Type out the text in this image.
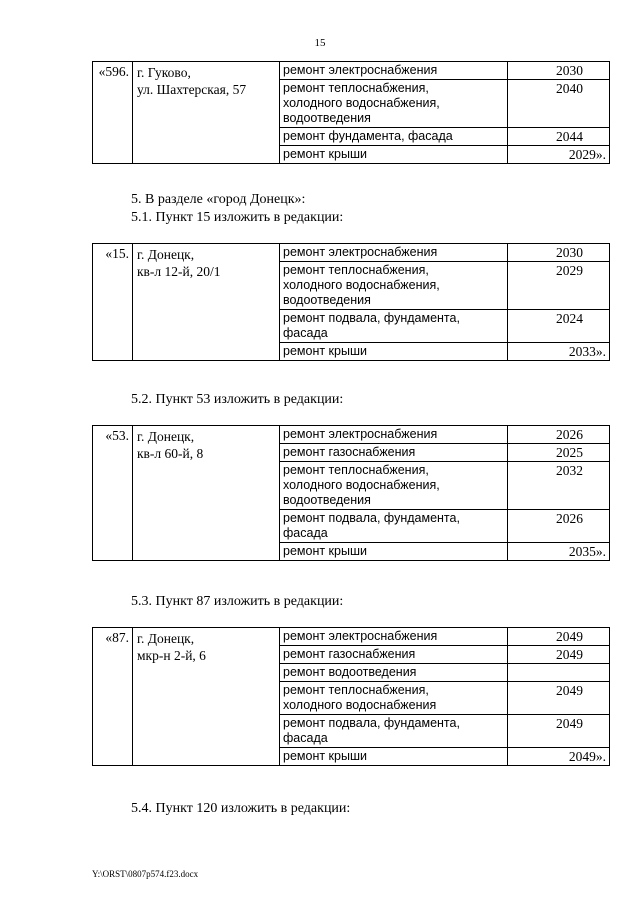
15
«596.	г. Гуково,
ул. Шахтерская, 57	ремонт электроснабжения	2030

		ремонт теплоснабжения,
холодного водоснабжения,
водоотведения	2040

		ремонт фундамента, фасада	2044

		ремонт крыши	2029».
5. В разделе «город Донецк»:
5.1. Пункт 15 изложить в редакции:
«15.	г. Донецк,
кв-л 12-й, 20/1	ремонт электроснабжения	2030

		ремонт теплоснабжения,
холодного водоснабжения,
водоотведения	2029

		ремонт подвала, фундамента,
фасада	2024

		ремонт крыши	2033».
5.2. Пункт 53 изложить в редакции:
«53.	г. Донецк,
кв-л 60-й, 8	ремонт электроснабжения	2026

		ремонт газоснабжения	2025

		ремонт теплоснабжения,
холодного водоснабжения,
водоотведения	2032

		ремонт подвала, фундамента,
фасада	2026

		ремонт крыши	2035».
5.3. Пункт 87 изложить в редакции:
«87.	г. Донецк,
мкр-н 2-й, 6	ремонт электроснабжения	2049

		ремонт газоснабжения	2049

		ремонт водоотведения	

		ремонт теплоснабжения,
холодного водоснабжения	2049

		ремонт подвала, фундамента,
фасада	2049

		ремонт крыши	2049».
5.4. Пункт 120 изложить в редакции:
Y:\ORST\0807p574.f23.docx
